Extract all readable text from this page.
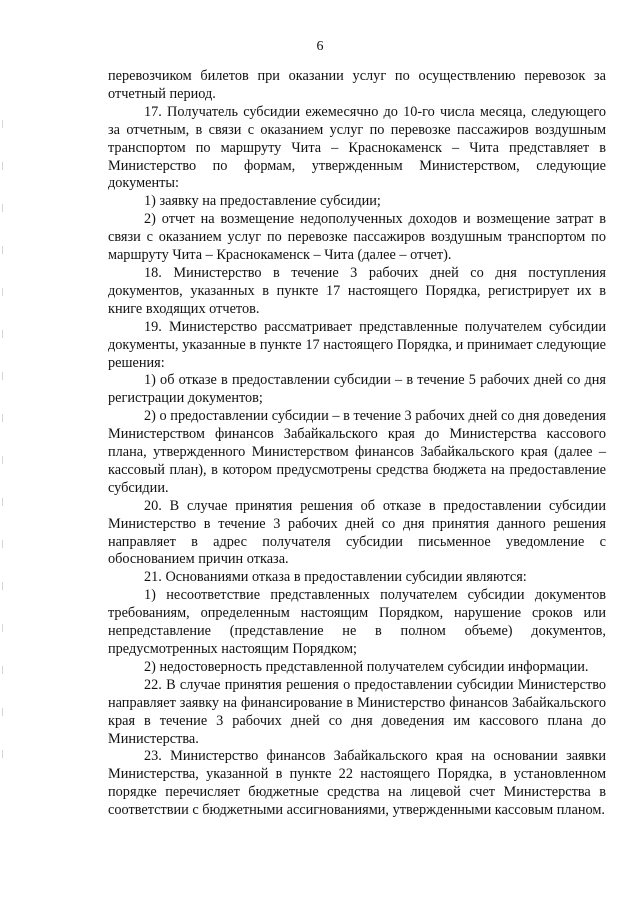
6

перевозчиком билетов при оказании услуг по осуществлению перевозок за отчетный период.

17. Получатель субсидии ежемесячно до 10-го числа месяца, следующего за отчетным, в связи с оказанием услуг по перевозке пассажиров воздушным транспортом по маршруту Чита – Краснокаменск – Чита представляет в Министерство по формам, утвержденным Министерством, следующие документы:

1) заявку на предоставление субсидии;

2) отчет на возмещение недополученных доходов и возмещение затрат в связи с оказанием услуг по перевозке пассажиров воздушным транспортом по маршруту Чита – Краснокаменск – Чита (далее – отчет).

18. Министерство в течение 3 рабочих дней со дня поступления документов, указанных в пункте 17 настоящего Порядка, регистрирует их в книге входящих отчетов.

19. Министерство рассматривает представленные получателем субсидии документы, указанные в пункте 17 настоящего Порядка, и принимает следующие решения:

1) об отказе в предоставлении субсидии – в течение 5 рабочих дней со дня регистрации документов;

2) о предоставлении субсидии – в течение 3 рабочих дней со дня доведения Министерством финансов Забайкальского края до Министерства кассового плана, утвержденного Министерством финансов Забайкальского края (далее – кассовый план), в котором предусмотрены средства бюджета на предоставление субсидии.

20. В случае принятия решения об отказе в предоставлении субсидии Министерство в течение 3 рабочих дней со дня принятия данного решения направляет в адрес получателя субсидии письменное уведомление с обоснованием причин отказа.

21. Основаниями отказа в предоставлении субсидии являются:

1) несоответствие представленных получателем субсидии документов требованиям, определенным настоящим Порядком, нарушение сроков или непредставление (представление не в полном объеме) документов, предусмотренных настоящим Порядком;

2) недостоверность представленной получателем субсидии информации.

22. В случае принятия решения о предоставлении субсидии Министерство направляет заявку на финансирование в Министерство финансов Забайкальского края в течение 3 рабочих дней со дня доведения им кассового плана до Министерства.

23. Министерство финансов Забайкальского края на основании заявки Министерства, указанной в пункте 22 настоящего Порядка, в установленном порядке перечисляет бюджетные средства на лицевой счет Министерства в соответствии с бюджетными ассигнованиями, утвержденными кассовым планом.
